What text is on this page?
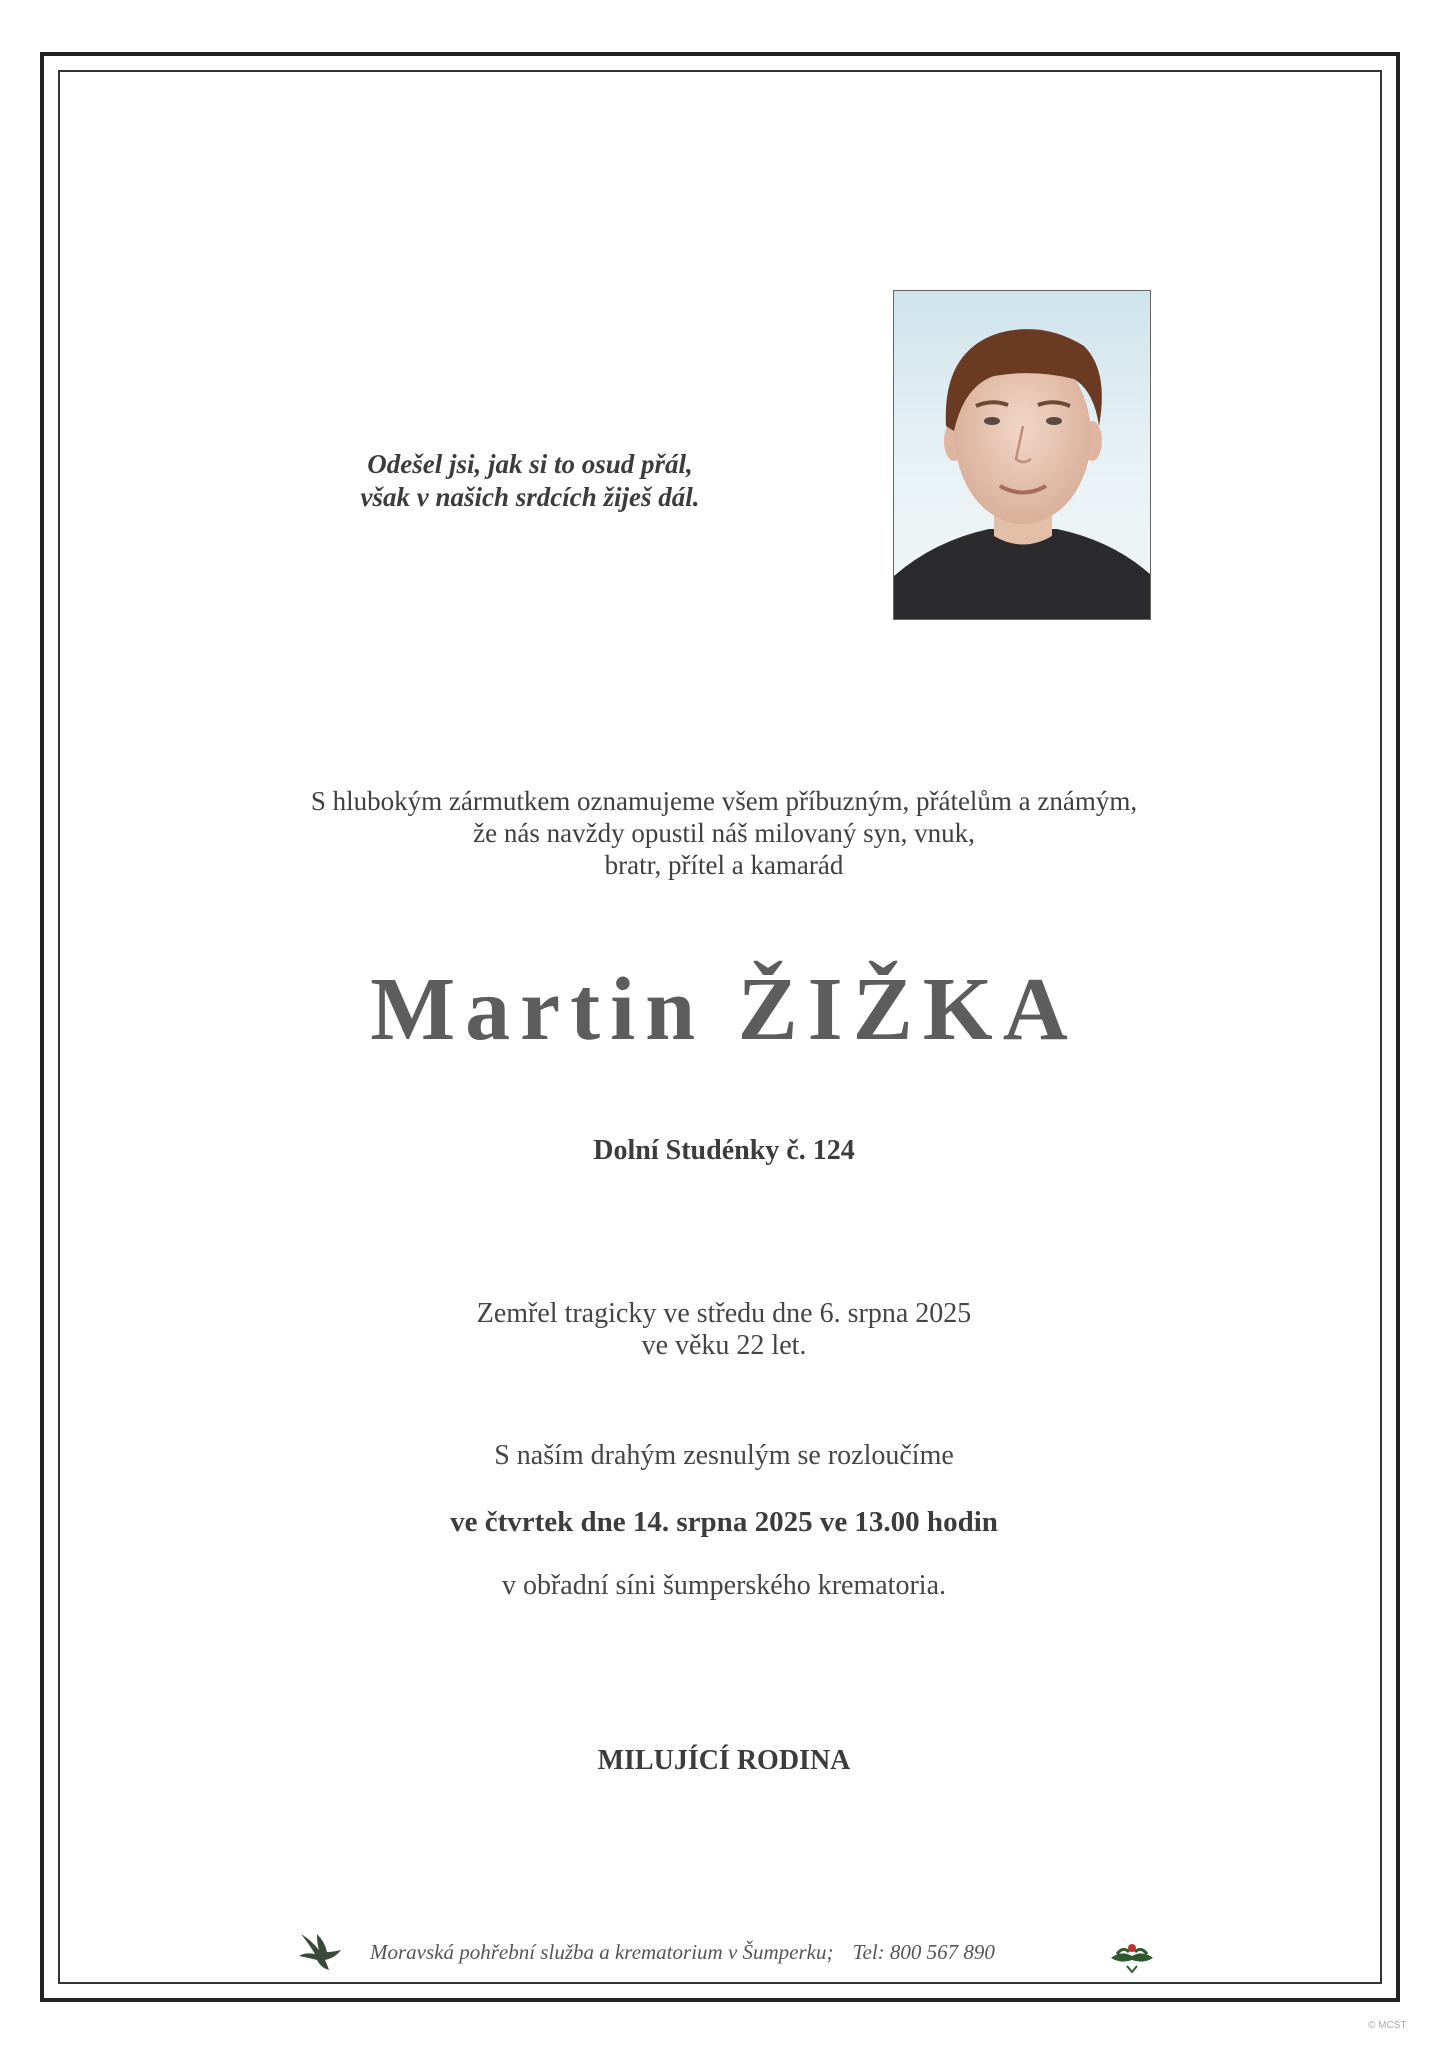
Odešel jsi, jak si to osud přál,
však v našich srdcích žiješ dál.
S hlubokým zármutkem oznamujeme všem příbuzným, přátelům a známým,
že nás navždy opustil náš milovaný syn, vnuk,
bratr, přítel a kamarád
Martin ŽIŽKA
Dolní Studénky č. 124
Zemřel tragicky ve středu dne 6. srpna 2025
ve věku 22 let.
S naším drahým zesnulým se rozloučíme
ve čtvrtek dne 14. srpna 2025 ve 13.00 hodin
v obřadní síni šumperského krematoria.
MILUJÍCÍ RODINA
Moravská pohřební služba a krematorium v Šumperku; Tel: 800 567 890
© MCST
